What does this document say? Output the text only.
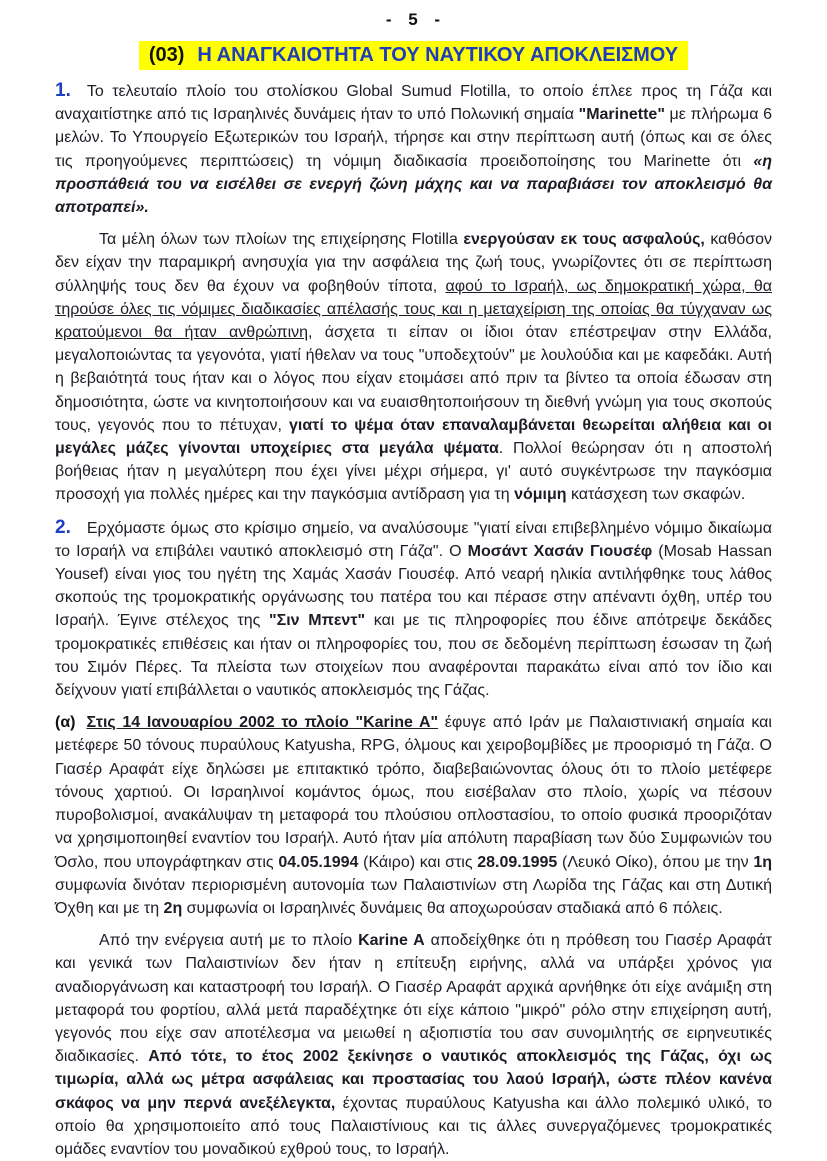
- 5 -
(03) Η ΑΝΑΓΚΑΙΟΤΗΤΑ ΤΟΥ ΝΑΥΤΙΚΟΥ ΑΠΟΚΛΕΙΣΜΟΥ

1. Το τελευταίο πλοίο του στολίσκου Global Sumud Flotilla, το οποίο έπλεε προς τη Γάζα και αναχαιτίστηκε από τις Ισραηλινές δυνάμεις ήταν το υπό Πολωνική σημαία "Marinette" με πλήρωμα 6 μελών. Το Υπουργείο Εξωτερικών του Ισραήλ, τήρησε και στην περίπτωση αυτή (όπως και σε όλες τις προηγούμενες περιπτώσεις) τη νόμιμη διαδικασία προειδοποίησης του Marinette ότι «η προσπάθειά του να εισέλθει σε ενεργή ζώνη μάχης και να παραβιάσει τον αποκλεισμό θα αποτραπεί».

Τα μέλη όλων των πλοίων της επιχείρησης Flotilla ενεργούσαν εκ τους ασφαλούς, καθόσον δεν είχαν την παραμικρή ανησυχία για την ασφάλεια της ζωή τους, γνωρίζοντες ότι σε περίπτωση σύλληψής τους δεν θα έχουν να φοβηθούν τίποτα, αφού το Ισραήλ, ως δημοκρατική χώρα, θα τηρούσε όλες τις νόμιμες διαδικασίες απέλασής τους και η μεταχείριση της οποίας θα τύγχαναν ως κρατούμενοι θα ήταν ανθρώπινη, άσχετα τι είπαν οι ίδιοι όταν επέστρεψαν στην Ελλάδα, μεγαλοποιώντας τα γεγονότα, γιατί ήθελαν να τους "υποδεχτούν" με λουλούδια και με καφεδάκι. Αυτή η βεβαιότητά τους ήταν και ο λόγος που είχαν ετοιμάσει από πριν τα βίντεο τα οποία έδωσαν στη δημοσιότητα, ώστε να κινητοποιήσουν και να ευαισθητοποιήσουν τη διεθνή γνώμη για τους σκοπούς τους, γεγονός που το πέτυχαν, γιατί το ψέμα όταν επαναλαμβάνεται θεωρείται αλήθεια και οι μεγάλες μάζες γίνονται υποχείριες στα μεγάλα ψέματα. Πολλοί θεώρησαν ότι η αποστολή βοήθειας ήταν η μεγαλύτερη που έχει γίνει μέχρι σήμερα, γι' αυτό συγκέντρωσε την παγκόσμια προσοχή για πολλές ημέρες και την παγκόσμια αντίδραση για τη νόμιμη κατάσχεση των σκαφών.

2. Ερχόμαστε όμως στο κρίσιμο σημείο, να αναλύσουμε "γιατί είναι επιβεβλημένο νόμιμο δικαίωμα το Ισραήλ να επιβάλει ναυτικό αποκλεισμό στη Γάζα". Ο Μοσάντ Χασάν Γιουσέφ (Mosab Hassan Yousef) είναι γιος του ηγέτη της Χαμάς Χασάν Γιουσέφ. Από νεαρή ηλικία αντιλήφθηκε τους λάθος σκοπούς της τρομοκρατικής οργάνωσης του πατέρα του και πέρασε στην απέναντι όχθη, υπέρ του Ισραήλ. Έγινε στέλεχος της "Σιν Μπεντ" και με τις πληροφορίες που έδινε απότρεψε δεκάδες τρομοκρατικές επιθέσεις και ήταν οι πληροφορίες του, που σε δεδομένη περίπτωση έσωσαν τη ζωή του Σιμόν Πέρες. Τα πλείστα των στοιχείων που αναφέρονται παρακάτω είναι από τον ίδιο και δείχνουν γιατί επιβάλλεται ο ναυτικός αποκλεισμός της Γάζας.

(α) Στις 14 Ιανουαρίου 2002 το πλοίο "Karine A" έφυγε από Ιράν με Παλαιστινιακή σημαία και μετέφερε 50 τόνους πυραύλους Katyusha, RPG, όλμους και χειροβομβίδες με προορισμό τη Γάζα. Ο Γιασέρ Αραφάτ είχε δηλώσει με επιτακτικό τρόπο, διαβεβαιώνοντας όλους ότι το πλοίο μετέφερε τόνους χαρτιού. Οι Ισραηλινοί κομάντος όμως, που εισέβαλαν στο πλοίο, χωρίς να πέσουν πυροβολισμοί, ανακάλυψαν τη μεταφορά του πλούσιου οπλοστασίου, το οποίο φυσικά προοριζόταν να χρησιμοποιηθεί εναντίον του Ισραήλ. Αυτό ήταν μία απόλυτη παραβίαση των δύο Συμφωνιών του Όσλο, που υπογράφτηκαν στις 04.05.1994 (Κάιρο) και στις 28.09.1995 (Λευκό Οίκο), όπου με την 1η συμφωνία δινόταν περιορισμένη αυτονομία των Παλαιστινίων στη Λωρίδα της Γάζας και στη Δυτική Όχθη και με τη 2η συμφωνία οι Ισραηλινές δυνάμεις θα αποχωρούσαν σταδιακά από 6 πόλεις.

Από την ενέργεια αυτή με το πλοίο Karine A αποδείχθηκε ότι η πρόθεση του Γιασέρ Αραφάτ και γενικά των Παλαιστινίων δεν ήταν η επίτευξη ειρήνης, αλλά να υπάρξει χρόνος για αναδιοργάνωση και καταστροφή του Ισραήλ. Ο Γιασέρ Αραφάτ αρχικά αρνήθηκε ότι είχε ανάμιξη στη μεταφορά του φορτίου, αλλά μετά παραδέχτηκε ότι είχε κάποιο "μικρό" ρόλο στην επιχείρηση αυτή, γεγονός που είχε σαν αποτέλεσμα να μειωθεί η αξιοπιστία του σαν συνομιλητής σε ειρηνευτικές διαδικασίες. Από τότε, το έτος 2002 ξεκίνησε ο ναυτικός αποκλεισμός της Γάζας, όχι ως τιμωρία, αλλά ως μέτρα ασφάλειας και προστασίας του λαού Ισραήλ, ώστε πλέον κανένα σκάφος να μην περνά ανεξέλεγκτα, έχοντας πυραύλους Katyusha και άλλο πολεμικό υλικό, το οποίο θα χρησιμοποιείτο από τους Παλαιστίνιους και τις άλλες συνεργαζόμενες τρομοκρατικές ομάδες εναντίον του μοναδικού εχθρού τους, το Ισραήλ.
